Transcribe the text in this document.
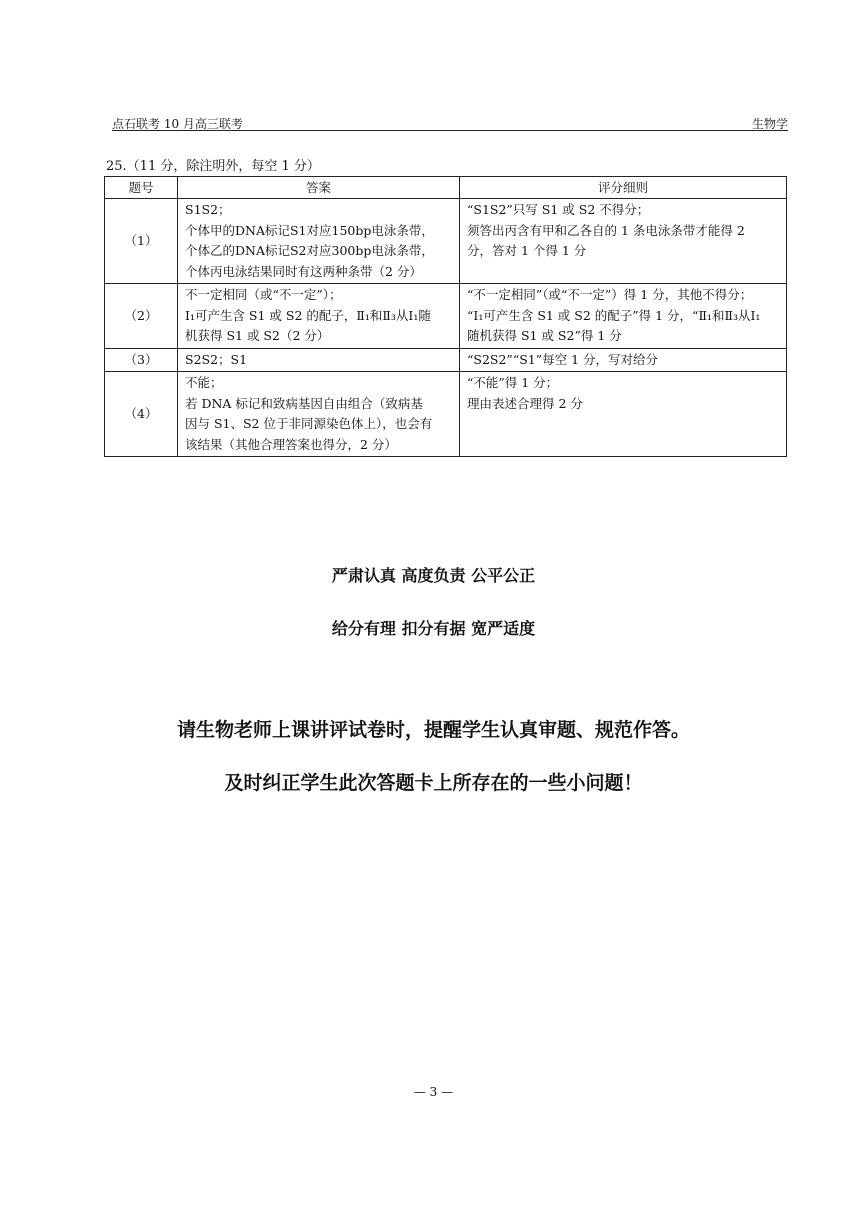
点石联考 10 月高三联考	生物学
25.（11 分，除注明外，每空 1 分）
题号	答案	评分细则
（1）	S1S2；
个体甲的DNA标记S1对应150bp电泳条带，
个体乙的DNA标记S2对应300bp电泳条带，
个体丙电泳结果同时有这两种条带（2 分）	“S1S2”只写 S1 或 S2 不得分；
须答出丙含有甲和乙各自的 1 条电泳条带才能得 2
分，答对 1 个得 1 分

（2）	不一定相同（或“不一定”）；
Ⅰ₁可产生含 S1 或 S2 的配子，Ⅱ₁和Ⅱ₃从Ⅰ₁随
机获得 S1 或 S2（2 分）	“不一定相同”（或“不一定”）得 1 分，其他不得分；
“Ⅰ₁可产生含 S1 或 S2 的配子”得 1 分，“Ⅱ₁和Ⅱ₃从Ⅰ₁
随机获得 S1 或 S2”得 1 分

（3）	S2S2；S1	“S2S2”“S1”每空 1 分，写对给分

（4）	不能；
若 DNA 标记和致病基因自由组合（致病基
因与 S1、S2 位于非同源染色体上），也会有
该结果（其他合理答案也得分，2 分）	“不能”得 1 分；
理由表述合理得 2 分
严肃认真 高度负责 公平公正
给分有理 扣分有据 宽严适度
请生物老师上课讲评试卷时，提醒学生认真审题、规范作答。
及时纠正学生此次答题卡上所存在的一些小问题！
— 3 —
